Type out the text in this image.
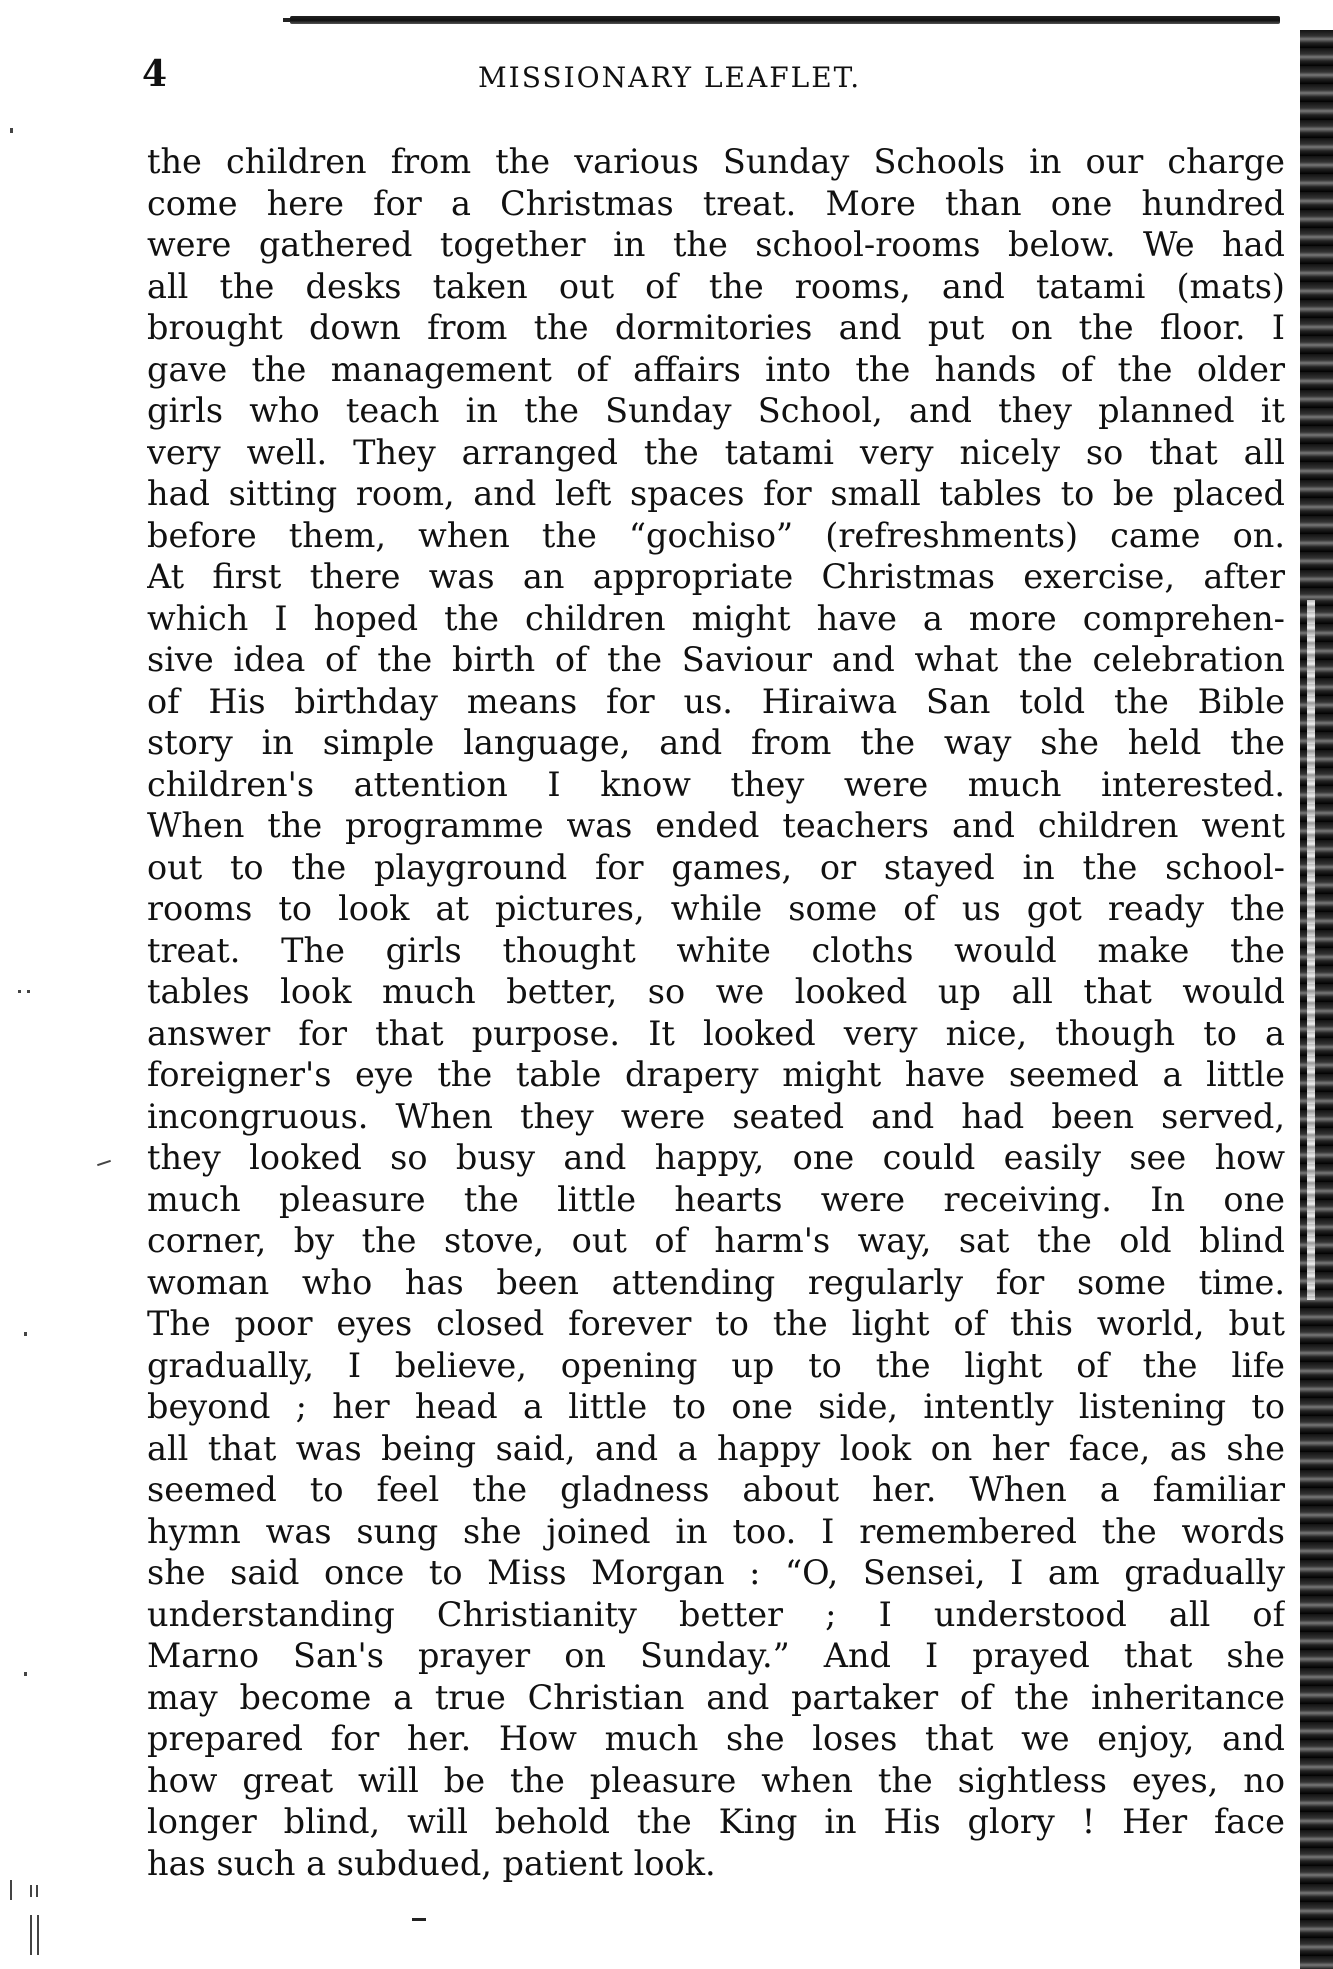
4	MISSIONARY LEAFLET.
the children from the various Sunday Schools in our charge
come here for a Christmas treat. More than one hundred
were gathered together in the school-rooms below. We had
all the desks taken out of the rooms, and tatami (mats)
brought down from the dormitories and put on the floor. I
gave the management of affairs into the hands of the older
girls who teach in the Sunday School, and they planned it
very well. They arranged the tatami very nicely so that all
had sitting room, and left spaces for small tables to be placed
before them, when the “gochiso” (refreshments) came on.
At first there was an appropriate Christmas exercise, after
which I hoped the children might have a more comprehen-
sive idea of the birth of the Saviour and what the celebration
of His birthday means for us. Hiraiwa San told the Bible
story in simple language, and from the way she held the
children's attention I know they were much interested.
When the programme was ended teachers and children went
out to the playground for games, or stayed in the school-
rooms to look at pictures, while some of us got ready the
treat. The girls thought white cloths would make the
tables look much better, so we looked up all that would
answer for that purpose. It looked very nice, though to a
foreigner's eye the table drapery might have seemed a little
incongruous. When they were seated and had been served,
they looked so busy and happy, one could easily see how
much pleasure the little hearts were receiving. In one
corner, by the stove, out of harm's way, sat the old blind
woman who has been attending regularly for some time.
The poor eyes closed forever to the light of this world, but
gradually, I believe, opening up to the light of the life
beyond ; her head a little to one side, intently listening to
all that was being said, and a happy look on her face, as she
seemed to feel the gladness about her. When a familiar
hymn was sung she joined in too. I remembered the words
she said once to Miss Morgan : “O, Sensei, I am gradually
understanding Christianity better ; I understood all of
Marno San's prayer on Sunday.” And I prayed that she
may become a true Christian and partaker of the inheritance
prepared for her. How much she loses that we enjoy, and
how great will be the pleasure when the sightless eyes, no
longer blind, will behold the King in His glory ! Her face
has such a subdued, patient look.
